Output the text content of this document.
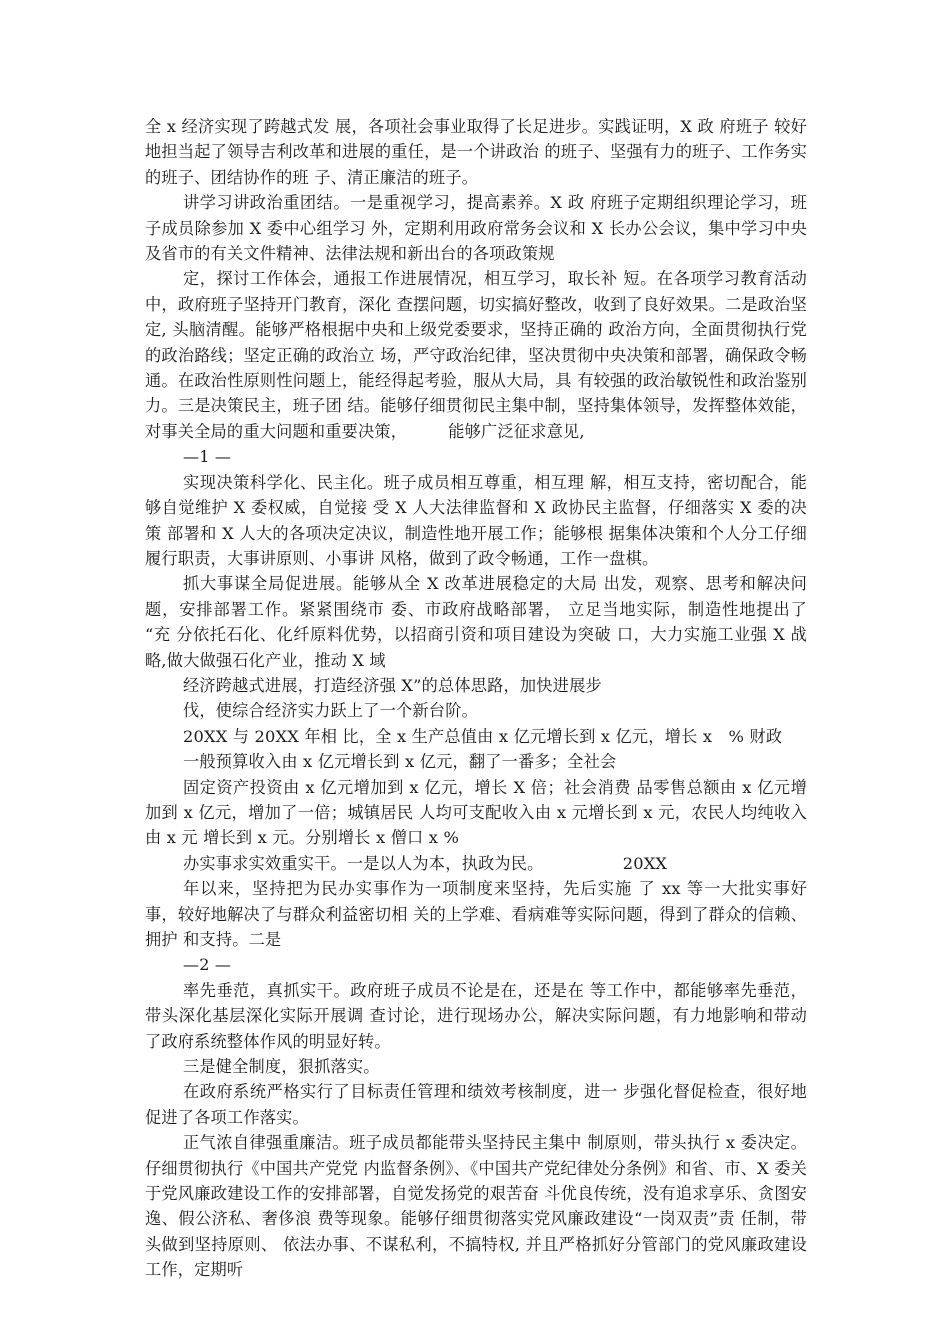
全 x 经济实现了跨越式发 展，各项社会事业取得了长足进步。实践证明，X 政 府班子 较好地担当起了领导吉利改革和进展的重任，是一个讲政治 的班子、坚强有力的班子、工作务实的班子、团结协作的班 子、清正廉洁的班子。

讲学习讲政治重团结。一是重视学习，提高素养。X 政 府班子定期组织理论学习，班子成员除参加 X 委中心组学习 外，定期利用政府常务会议和 X 长办公会议，集中学习中央 及省市的有关文件精神、法律法规和新出台的各项政策规

定，探讨工作体会，通报工作进展情况，相互学习，取长补 短。在各项学习教育活动中，政府班子坚持开门教育，深化 查摆问题，切实搞好整改，收到了良好效果。二是政治坚定, 头脑清醒。能够严格根据中央和上级党委要求，坚持正确的 政治方向，全面贯彻执行党的政治路线；坚定正确的政治立 场，严守政治纪律，坚决贯彻中央决策和部署，确保政令畅 通。在政治性原则性问题上，能经得起考验，服从大局，具 有较强的政治敏锐性和政治鉴别力。三是决策民主，班子团 结。能够仔细贯彻民主集中制，坚持集体领导，发挥整体效能，对事关全局的重大问题和重要决策，　　　能够广泛征求意见,

—1 —

实现决策科学化、民主化。班子成员相互尊重，相互理 解，相互支持，密切配合，能够自觉维护 X 委权威，自觉接 受 X 人大法律监督和 X 政协民主监督，仔细落实 X 委的决策 部署和 X 人大的各项决定决议，制造性地开展工作；能够根 据集体决策和个人分工仔细履行职责，大事讲原则、小事讲 风格，做到了政令畅通，工作一盘棋。

抓大事谋全局促进展。能够从全 X 改革进展稳定的大局 出发，观察、思考和解决问题，安排部署工作。紧紧围绕市 委、市政府战略部署， 立足当地实际，制造性地提出了 “充 分依托石化、化纤原料优势，以招商引资和项目建设为突破 口，大力实施工业强 X 战略,做大做强石化产业，推动 X 域

经济跨越式进展，打造经济强 X”的总体思路，加快进展步

伐，使综合经济实力跃上了一个新台阶。

20XX 与 20XX 年相 比，全 x 生产总值由 x 亿元增长到 x 亿元，增长 x　% 财政

一般预算收入由 x 亿元增长到 x 亿元，翻了一番多；全社会

固定资产投资由 x 亿元增加到 x 亿元，增长 X 倍；社会消费 品零售总额由 x 亿元增加到 x 亿元，增加了一倍；城镇居民 人均可支配收入由 x 元增长到 x 元，农民人均纯收入由 x 元 增长到 x 元。分别增长 x 僧口 x %

办实事求实效重实干。一是以人为本，执政为民。　　　　　 20XX

年以来，坚持把为民办实事作为一项制度来坚持，先后实施 了 xx 等一大批实事好事，较好地解决了与群众利益密切相 关的上学难、看病难等实际问题，得到了群众的信赖、拥护 和支持。二是

—2 —

率先垂范，真抓实干。政府班子成员不论是在，还是在 等工作中，都能够率先垂范，带头深化基层深化实际开展调 查讨论，进行现场办公，解决实际问题，有力地影响和带动 了政府系统整体作风的明显好转。

三是健全制度，狠抓落实。

在政府系统严格实行了目标责任管理和绩效考核制度，进一 步强化督促检查，很好地促进了各项工作落实。

正气浓自律强重廉洁。班子成员都能带头坚持民主集中 制原则，带头执行 x 委决定。仔细贯彻执行《中国共产党党 内监督条例》、《中国共产党纪律处分条例》和省、市、X 委关于党风廉政建设工作的安排部署，自觉发扬党的艰苦奋 斗优良传统，没有追求享乐、贪图安逸、假公济私、奢侈浪 费等现象。能够仔细贯彻落实党风廉政建设“一岗双责”责 任制，带头做到坚持原则、 依法办事、不谋私利，不搞特权, 并且严格抓好分管部门的党风廉政建设工作，定期听
